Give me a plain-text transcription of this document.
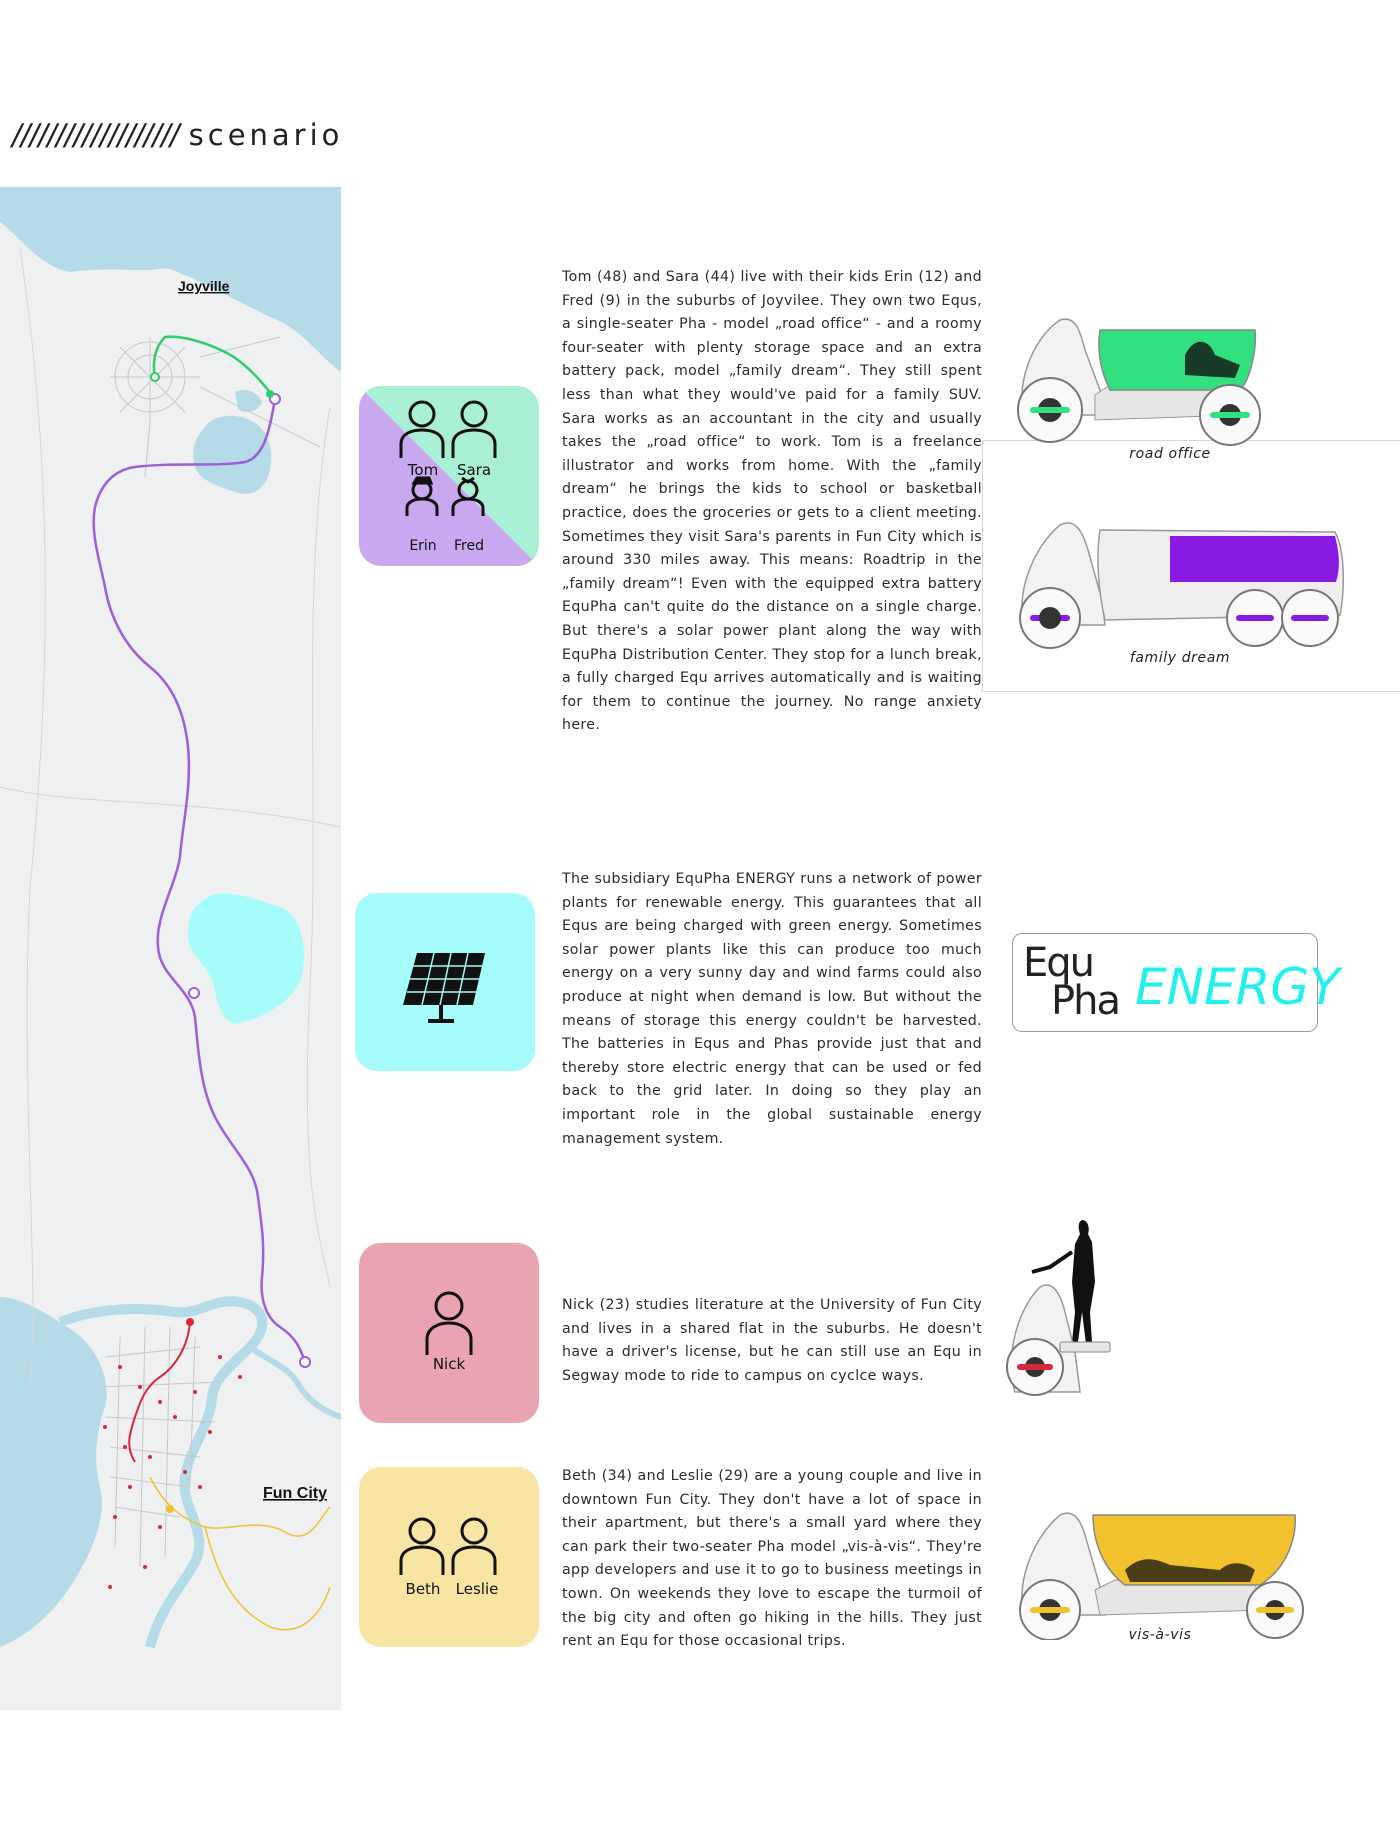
/////////////////// scenario
Joyville
Fun City
Tom	Sara
Erin	Fred
Tom (48) and Sara (44) live with their kids Erin (12) and Fred (9) in the suburbs of Joyvilee. They own two Equs, a single-seater Pha - model „road office“ - and a roomy four-seater with plenty storage space and an extra battery pack, model „family dream“. They still spent less than what they would've paid for a family SUV. Sara works as an accountant in the city and usually takes the „road office“ to work. Tom is a freelance illustrator and works from home. With the „family dream“ he brings the kids to school or basketball practice, does the groceries or gets to a client meeting. Sometimes they visit Sara's parents in Fun City which is around 330 miles away. This means: Roadtrip in the „family dream“! Even with the equipped extra battery EquPha can't quite do the distance on a single charge. But there's a solar power plant along the way with EquPha Distribution Center. They stop for a lunch break, a fully charged Equ arrives automatically and is waiting for them to continue the journey. No range anxiety here.
road office
family dream
The subsidiary EquPha ENERGY runs a network of power plants for renewable energy. This guarantees that all Equs are being charged with green energy. Sometimes solar power plants like this can produce too much energy on a very sunny day and wind farms could also produce at night when demand is low. But without the means of storage this energy couldn't be harvested. The batteries in Equs and Phas provide just that and thereby store electric energy that can be used or fed back to the grid later. In doing so they play an important role in the global sustainable energy management system.
Equ
Pha ENERGY
Nick
Nick (23) studies literature at the University of Fun City and lives in a shared flat in the suburbs. He doesn't have a driver's license, but he can still use an Equ in Segway mode to ride to campus on cyclce ways.
Beth	Leslie
Beth (34) and Leslie (29) are a young couple and live in downtown Fun City. They don't have a lot of space in their apartment, but there's a small yard where they can park their two-seater Pha model „vis-à-vis“. They're app developers and use it to go to business meetings in town. On weekends they love to escape the turmoil of the big city and often go hiking in the hills. They just rent an Equ for those occasional trips.	vis-à-vis
